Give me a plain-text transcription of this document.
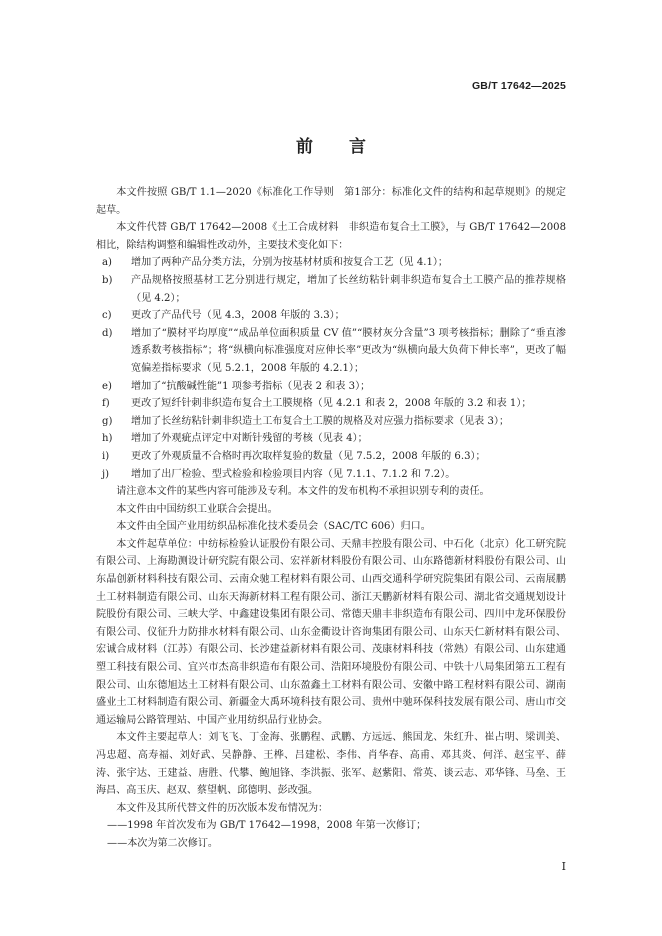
GB/T 17642—2025
前言

本文件按照 GB/T 1.1—2020《标准化工作导则　第1部分：标准化文件的结构和起草规则》的规定起草。

本文件代替 GB/T 17642—2008《土工合成材料　非织造布复合土工膜》，与 GB/T 17642—2008 相比，除结构调整和编辑性改动外，主要技术变化如下：

a) 增加了两种产品分类方法，分别为按基材材质和按复合工艺（见 4.1）；
b) 产品规格按照基材工艺分别进行规定，增加了长丝纺粘针刺非织造布复合土工膜产品的推荐规格（见 4.2）；
c) 更改了产品代号（见 4.3，2008 年版的 3.3）；
d) 增加了“膜材平均厚度”“成品单位面积质量 CV 值”“膜材灰分含量”3 项考核指标；删除了“垂直渗透系数考核指标”；将“纵横向标准强度对应伸长率”更改为“纵横向最大负荷下伸长率”，更改了幅宽偏差指标要求（见 5.2.1，2008 年版的 4.2.1）；
e) 增加了“抗酸碱性能”1 项参考指标（见表 2 和表 3）；
f) 更改了短纤针刺非织造布复合土工膜规格（见 4.2.1 和表 2，2008 年版的 3.2 和表 1）；
g) 增加了长丝纺粘针刺非织造土工布复合土工膜的规格及对应强力指标要求（见表 3）；
h) 增加了外观疵点评定中对断针残留的考核（见表 4）；
i) 更改了外观质量不合格时再次取样复验的数量（见 7.5.2，2008 年版的 6.3）；
j) 增加了出厂检验、型式检验和检验项目内容（见 7.1.1、7.1.2 和 7.2）。

请注意本文件的某些内容可能涉及专利。本文件的发布机构不承担识别专利的责任。

本文件由中国纺织工业联合会提出。

本文件由全国产业用纺织品标准化技术委员会（SAC/TC 606）归口。

本文件起草单位：中纺标检验认证股份有限公司、天鼎丰控股有限公司、中石化（北京）化工研究院有限公司、上海勘测设计研究院有限公司、宏祥新材料股份有限公司、山东路德新材料股份有限公司、山东晶创新材料科技有限公司、云南众驰工程材料有限公司、山西交通科学研究院集团有限公司、云南展鹏土工材料制造有限公司、山东天海新材料工程有限公司、浙江天鹏新材料有限公司、湖北省交通规划设计院股份有限公司、三峡大学、中鑫建设集团有限公司、常德天鼎丰非织造布有限公司、四川中龙环保股份有限公司、仪征升力防排水材料有限公司、山东金衢设计咨询集团有限公司、山东天仁新材料有限公司、宏诚合成材料（江苏）有限公司、长沙建益新材料有限公司、茂康材料科技（常熟）有限公司、山东建通塑工科技有限公司、宜兴市杰高非织造布有限公司、浩阳环境股份有限公司、中铁十八局集团第五工程有限公司、山东德旭达土工材料有限公司、山东盈鑫土工材料有限公司、安徽中路工程材料有限公司、湖南盛业土工材料制造有限公司、新疆金大禹环境科技有限公司、贵州中驰环保科技发展有限公司、唐山市交通运输局公路管理站、中国产业用纺织品行业协会。

本文件主要起草人：刘飞飞、丁金海、张鹏程、武鹏、方远远、熊国龙、朱红升、崔占明、梁训美、冯忠超、高寿福、刘好武、吴静静、王桦、吕建松、李伟、肖华春、高甫、邓其炎、何洋、赵宝平、薛涛、张宇达、王建益、唐胜、代攀、鲍旭锋、李洪振、张军、赵紫阳、常英、谈云志、邓华锋、马垒、王海昌、高玉庆、赵双、蔡望帆、邱德明、彭改强。

本文件及其所代替文件的历次版本发布情况为：

——1998 年首次发布为 GB/T 17642—1998，2008 年第一次修订；
——本次为第二次修订。
I
